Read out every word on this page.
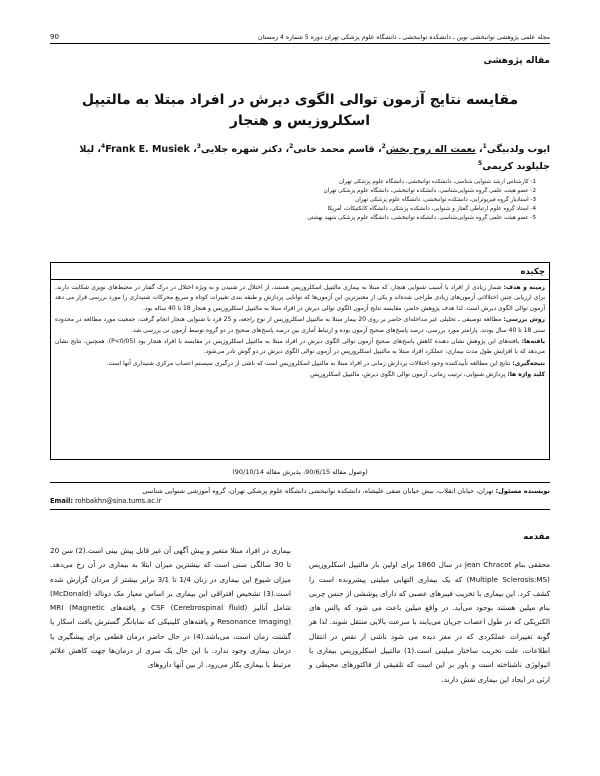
مجله علمی پژوهشی توانبخشی نوین ـ دانشکده توانبخشی ـ دانشگاه علوم پزشکی تهران دوره 5 شماره 4 زمستان
90
مقاله پژوهشی
مقایسه نتایج آزمون توالی الگوی دیرش در افراد مبتلا به مالتیپل اسکلروزیس و هنجار
ایوب ولدبیگی$^1$، نعمت اله روح بخش$^2$، قاسم محمد خانی$^2$، دکتر شهره جلایی$^3$، Frank E. Musiek$^4$، لیلا جلیلوند کریمی$^5$
1- کارشناس ارشد شنوایی شناسی، دانشکده توانبخشی، دانشگاه علوم پزشکی تهران
2- عضو هیئت علمی گروه شنوایی‌شناسی، دانشکده توانبخشی، دانشگاه علوم پزشکی تهران
3- استادیار گروه فیزیوتراپی، دانشکده توانبخشی، دانشگاه علوم پزشکی تهران
4- استاد گروه علوم ارتباطی گفتار و شنوایی، دانشکده پزشکی، دانشگاه کانکتیکات، آمریکا
5- عضو هیئت علمی گروه شنوایی‌شناسی، دانشکده توانبخشی، دانشگاه علوم پزشکی شهید بهشتی
چکیده

زمینه و هدف: شمار زیادی از افراد با آسیب شنوایی هنجار، که مبتلا به بیماری مالتیپل اسکلروزیس هستند، از اختلال در شنیدن و به ویژه اختلال در درک گفتار در محیط‌های نویزی شکایت دارند. برای ارزیابی چنین اختلالاتی آزمون‌های زیادی طراحی شده‌اند و یکی از معتبرترین این آزمون‌ها که توانایی پردازش و طبقه بندی تغییرات کوتاه و سریع محرکات شنیداری را مورد بررسی قرار می دهد آزمون توالی الگوی دیرش است. لذا هدف پژوهش حاضر، مقایسه نتایج آزمون الگوی توالی دیرش در افراد مبتلا به مالتیپل اسکلروزیس و هنجار 18 تا 40 ساله بود.

روش بررسی: مطالعه توصیفی ـ تحلیلی غیر مداخله‌ای حاضر بر روی 20 بیمار مبتلا به مالتیپل اسکلروزیس از نوع راجعه، و 25 فرد با شنوایی هنجار انجام گرفت. جمعیت مورد مطالعه در محدوده سنی 18 تا 40 سال بودند. پارامتر مورد بررسی، درصد پاسخ‌های صحیح آزمون بوده و ارتباط آماری بین درصد پاسخ‌های صحیح در دو گروه توسط آزمون تی بررسی شد.

یافته‌ها: یافته‌های این پژوهش نشان دهنده کاهش پاسخ‌های صحیح آزمون توالی الگوی دیرش در افراد مبتلا به مالتیپل اسکلروزیس در مقایسه با افراد هنجار بود (P<0/05). همچنین، نتایج نشان می‌دهد که با افزایش طول مدت بیماری، عملکرد افراد مبتلا به مالتیپل اسکلروزیس در آزمون توالی الگوی دیرش در دو گوش نادر می‌شود.

نتیجه‌گیری: نتایج این مطالعه تأییدکننده وجود اختلالات پردازش زمانی در افراد مبتلا به مالتیپل اسکلروزیس است که ناشی از درگیری سیستم اعصاب مرکزی شنیداری آنها است.

کلید واژه ها: پردازش شنوایی، ترتیب زمانی، آزمون توالی الگوی دیرش، مالتیپل اسکلروزیس

(وصول مقاله 90/6/15، پذیرش مقاله 90/10/14)
نویسنده مسئول: تهران، خیابان انقلاب، نبش خیابان صفی علیشاه، دانشکده توانبخشی دانشگاه علوم پزشکی تهران، گروه آموزشی شنوایی شناسی
Email: rohbakhn@sina.tums.ac.ir
مقدمه

محققی بنام jean Chracot در سال 1860 برای اولین بار مالتیپل اسکلروزیس (Multiple Sclerosis:MS) که یک بیماری التهابی میلینی پیشرونده است را کشف کرد. این بیماری با تخریب فیبرهای عصبی که دارای پوششی از جنس چربی بنام میلین هستند بوجود می‌آید. در واقع میلین باعث می شود که پالس های الکتریکی که در طول اعصاب جریان می‌یابند با سرعت بالایی منتقل شوند. لذا هر گونه تغییرات عملکردی که در مغز دیده می شود ناشی از نقص در انتقال اطلاعات، علت تخریب ساختار میلینی است.(1) مالتیپل اسکلروزیس بیماری با اتیولوژی ناشناخته است و باور بر این است که تلفیقی از فاکتورهای محیطی و ارثی در ایجاد این بیماری نقش دارند.

بیماری در افراد مبتلا متغیر و پیش آگهی آن غیر قابل پیش بینی است.(2) سن 20 تا 30 سالگی سنی است که بیشترین میزان ابتلا به بیماری در آن رخ می‌دهد. میزان شیوع این بیماری در زنان 1/4 تا 3/1 برابر بیشتر از مردان گزارش شده است.(3) تشخیص افتراقی این بیماری بر اساس معیار مک دونالد (McDonald) شامل آنالیز CSF (Cerebrospinal fluid) و یافته‌های MRI (Magnetic Resonance Imaging) و یافته‌های کلینیکی که نمایانگر گسترش بافت اسکار یا گشتت زمان است، می‌باشد.(4) در حال حاضر درمان قطعی برای پیشگیری یا درمان بیماری وجود ندارد. با این حال یک سری از درمان‌ها جهت کاهش علائم مرتبط با بیماری بکار می‌رود. از بین آنها داروهای
